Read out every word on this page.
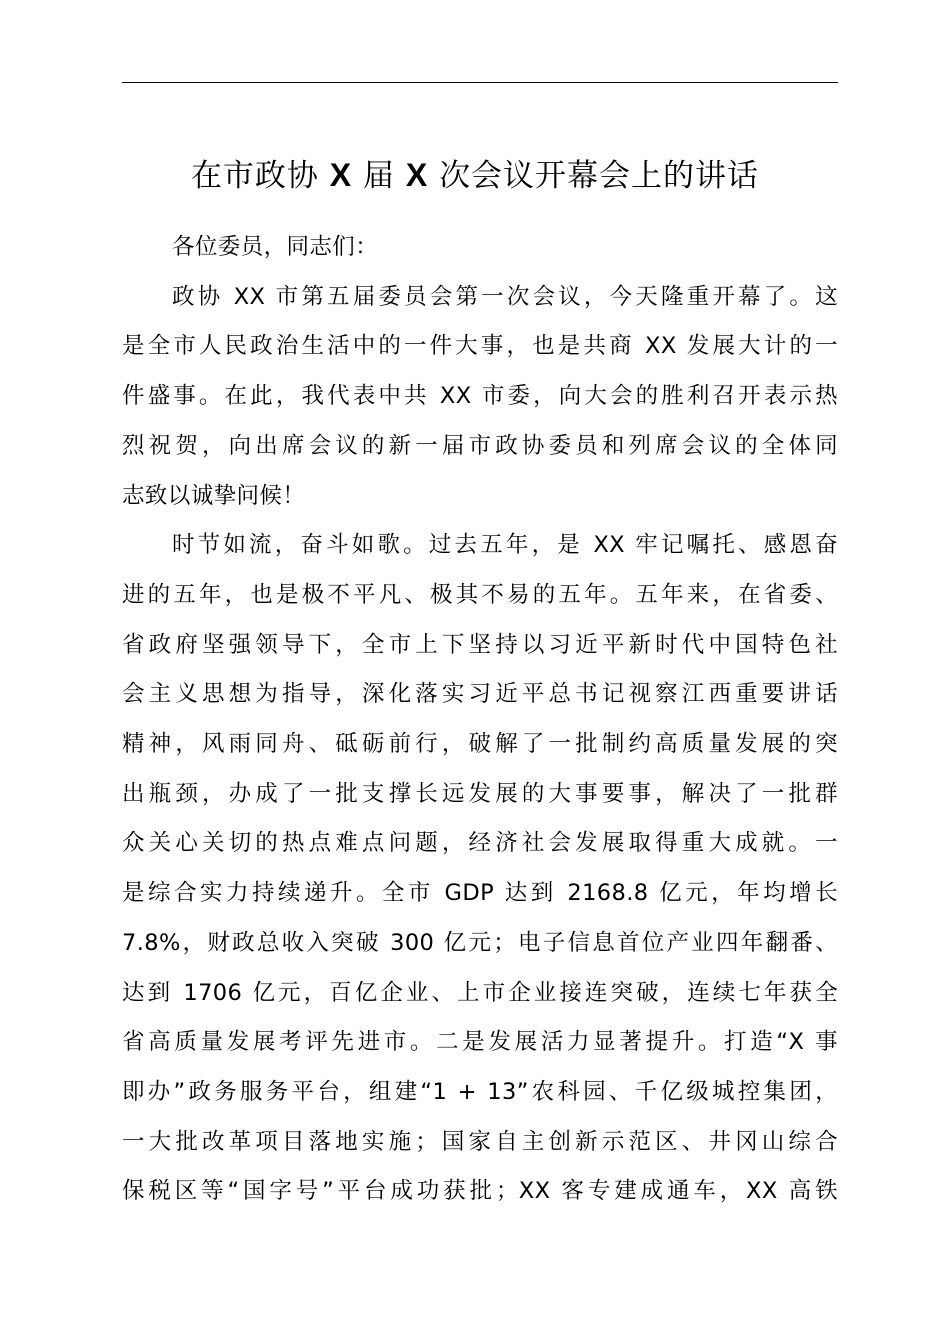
在市政协 X 届 X 次会议开幕会上的讲话
各位委员，同志们：
政协 XX 市第五届委员会第一次会议，今天隆重开幕了。这
是全市人民政治生活中的一件大事，也是共商 XX 发展大计的一
件盛事。在此，我代表中共 XX 市委，向大会的胜利召开表示热
烈祝贺，向出席会议的新一届市政协委员和列席会议的全体同
志致以诚挚问候！
时节如流，奋斗如歌。过去五年，是 XX 牢记嘱托、感恩奋
进的五年，也是极不平凡、极其不易的五年。五年来，在省委、
省政府坚强领导下，全市上下坚持以习近平新时代中国特色社
会主义思想为指导，深化落实习近平总书记视察江西重要讲话
精神，风雨同舟、砥砺前行，破解了一批制约高质量发展的突
出瓶颈，办成了一批支撑长远发展的大事要事，解决了一批群
众关心关切的热点难点问题，经济社会发展取得重大成就。一
是综合实力持续递升。全市 GDP 达到 2168.8 亿元，年均增长
7.8%，财政总收入突破 300 亿元；电子信息首位产业四年翻番、
达到 1706 亿元，百亿企业、上市企业接连突破，连续七年获全
省高质量发展考评先进市。二是发展活力显著提升。打造“X 事
即办”政务服务平台，组建“1 + 13”农科园、千亿级城控集团，
一大批改革项目落地实施；国家自主创新示范区、井冈山综合
保税区等“国字号”平台成功获批；XX 客专建成通车，XX 高铁
